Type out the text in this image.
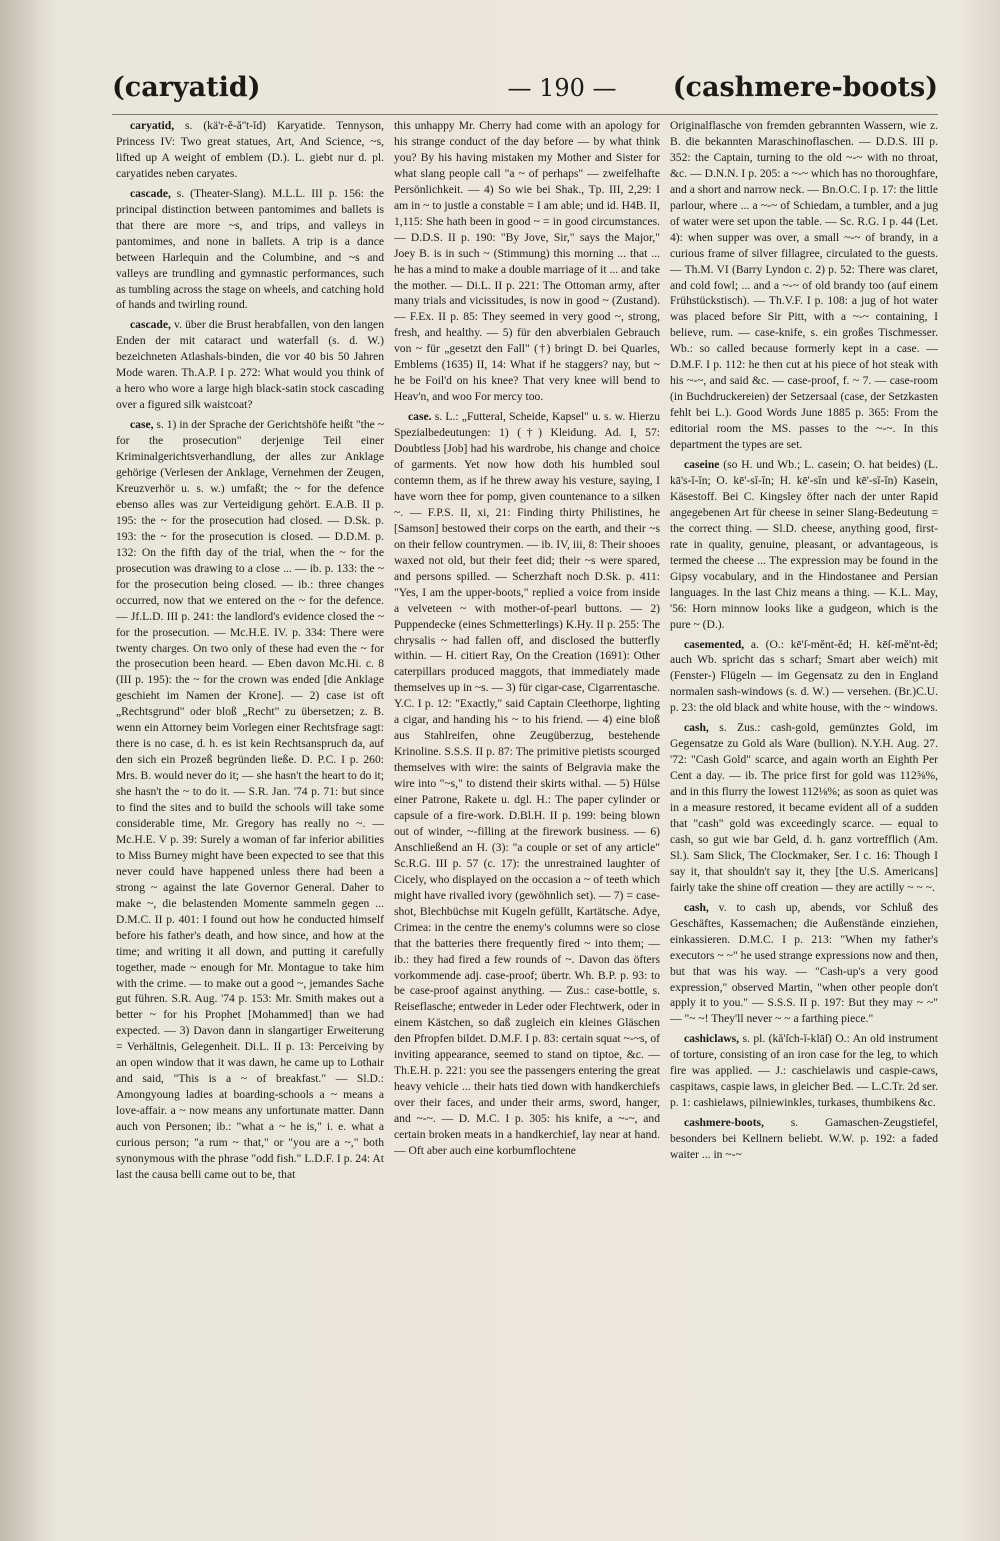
(caryatid)	— 190 —	(cashmere-boots)

caryatid, s. (kä'r-ĕ-ă''t-ĭd) Karyatide. Tennyson, Princess IV: Two great statues, Art, And Science, ~s, lifted up A weight of emblem (D.). L. giebt nur d. pl. caryatides neben caryates.

cascade, s. (Theater-Slang). M.L.L. III p. 156: the principal distinction between pantomimes and ballets is that there are more ~s, and trips, and valleys in pantomimes, and none in ballets. A trip is a dance between Harlequin and the Columbine, and ~s and valleys are trundling and gymnastic performances, such as tumbling across the stage on wheels, and catching hold of hands and twirling round.

cascade, v. über die Brust herabfallen, von den langen Enden der mit cataract und waterfall (s. d. W.) bezeichneten Atlashals-binden, die vor 40 bis 50 Jahren Mode waren. Th.A.P. I p. 272: What would you think of a hero who wore a large high black-satin stock cascading over a figured silk waistcoat?

case, s. 1) in der Sprache der Gerichtshöfe heißt "the ~ for the prosecution" derjenige Teil einer Kriminalgerichtsverhandlung, der alles zur Anklage gehörige (Verlesen der Anklage, Vernehmen der Zeugen, Kreuzverhör u. s. w.) umfaßt; the ~ for the defence ebenso alles was zur Verteidigung gehört. E.A.B. II p. 195: the ~ for the prosecution had closed. — D.Sk. p. 193: the ~ for the prosecution is closed. — D.D.M. p. 132: On the fifth day of the trial, when the ~ for the prosecution was drawing to a close ... — ib. p. 133: the ~ for the prosecution being closed. — ib.: three changes occurred, now that we entered on the ~ for the defence. — Jf.L.D. III p. 241: the landlord's evidence closed the ~ for the prosecution. — Mc.H.E. IV. p. 334: There were twenty charges. On two only of these had even the ~ for the prosecution been heard. — Eben davon Mc.Hi. c. 8 (III p. 195): the ~ for the crown was ended [die Anklage geschieht im Namen der Krone]. — 2) case ist oft „Rechtsgrund" oder bloß „Recht" zu übersetzen; z. B. wenn ein Attorney beim Vorlegen einer Rechtsfrage sagt: there is no case, d. h. es ist kein Rechtsanspruch da, auf den sich ein Prozeß begründen ließe. D. P.C. I p. 260: Mrs. B. would never do it; — she hasn't the heart to do it; she hasn't the ~ to do it. — S.R. Jan. '74 p. 71: but since to find the sites and to build the schools will take some considerable time, Mr. Gregory has really no ~. — Mc.H.E. V p. 39: Surely a woman of far inferior abilities to Miss Burney might have been expected to see that this never could have happened unless there had been a strong ~ against the late Governor General. Daher to make ~, die belastenden Momente sammeln gegen ... D.M.C. II p. 401: I found out how he conducted himself before his father's death, and how since, and how at the time; and writing it all down, and putting it carefully together, made ~ enough for Mr. Montague to take him with the crime. — to make out a good ~, jemandes Sache gut führen. S.R. Aug. '74 p. 153: Mr. Smith makes out a better ~ for his Prophet [Mohammed] than we had expected. — 3) Davon dann in slangartiger Erweiterung = Verhältnis, Gelegenheit. Di.L. II p. 13: Perceiving by an open window that it was dawn, he came up to Lothair and said, "This is a ~ of breakfast." — Sl.D.: Amongyoung ladies at boarding-schools a ~ means a love-affair. a ~ now means any unfortunate matter. Dann auch von Personen; ib.: "what a ~ he is," i. e. what a curious person; "a rum ~ that," or "you are a ~," both synonymous with the phrase "odd fish." L.D.F. I p. 24: At last the causa belli came out to be, that

this unhappy Mr. Cherry had come with an apology for his strange conduct of the day before — by what think you? By his having mistaken my Mother and Sister for what slang people call "a ~ of perhaps" — zweifelhafte Persönlichkeit. — 4) So wie bei Shak., Tp. III, 2,29: I am in ~ to justle a constable = I am able; und id. H4B. II, 1,115: She hath been in good ~ = in good circumstances. — D.D.S. II p. 190: "By Jove, Sir," says the Major," Joey B. is in such ~ (Stimmung) this morning ... that ... he has a mind to make a double marriage of it ... and take the mother. — Di.L. II p. 221: The Ottoman army, after many trials and vicissitudes, is now in good ~ (Zustand). — F.Ex. II p. 85: They seemed in very good ~, strong, fresh, and healthy. — 5) für den abverbialen Gebrauch von ~ für „gesetzt den Fall" (†) bringt D. bei Quarles, Emblems (1635) II, 14: What if he staggers? nay, but ~ he be Foil'd on his knee? That very knee will bend to Heav'n, and woo For mercy too.

case. s. L.: „Futteral, Scheide, Kapsel" u. s. w. Hierzu Spezialbedeutungen: 1) (†) Kleidung. Ad. I, 57: Doubtless [Job] had his wardrobe, his change and choice of garments. Yet now how doth his humbled soul contemn them, as if he threw away his vesture, saying, I have worn thee for pomp, given countenance to a silken ~. — F.P.S. II, xi, 21: Finding thirty Philistines, he [Samson] bestowed their corps on the earth, and their ~s on their fellow countrymen. — ib. IV, iii, 8: Their shooes waxed not old, but their feet did; their ~s were spared, and persons spilled. — Scherzhaft noch D.Sk. p. 411: "Yes, I am the upper-boots," replied a voice from inside a velveteen ~ with mother-of-pearl buttons. — 2) Puppendecke (eines Schmetterlings) K.Hy. II p. 255: The chrysalis ~ had fallen off, and disclosed the butterfly within. — H. citiert Ray, On the Creation (1691): Other caterpillars produced maggots, that immediately made themselves up in ~s. — 3) für cigar-case, Cigarrentasche. Y.C. I p. 12: "Exactly," said Captain Cleethorpe, lighting a cigar, and handing his ~ to his friend. — 4) eine bloß aus Stahlreifen, ohne Zeugüberzug, bestehende Krinoline. S.S.S. II p. 87: The primitive pietists scourged themselves with wire: the saints of Belgravia make the wire into "~s," to distend their skirts withal. — 5) Hülse einer Patrone, Rakete u. dgl. H.: The paper cylinder or capsule of a fire-work. D.Bl.H. II p. 199: being blown out of winder, ~-filling at the firework business. — 6) Anschließend an H. (3): "a couple or set of any article" Sc.R.G. III p. 57 (c. 17): the unrestrained laughter of Cicely, who displayed on the occasion a ~ of teeth which might have rivalled ivory (gewöhnlich set). — 7) = case-shot, Blechbüchse mit Kugeln gefüllt, Kartätsche. Adye, Crimea: in the centre the enemy's columns were so close that the batteries there frequently fired ~ into them; — ib.: they had fired a few rounds of ~. Davon das öfters vorkommende adj. case-proof; übertr. Wh. B.P. p. 93: to be case-proof against anything. — Zus.: case-bottle, s. Reiseflasche; entweder in Leder oder Flechtwerk, oder in einem Kästchen, so daß zugleich ein kleines Gläschen den Pfropfen bildet. D.M.F. I p. 83: certain squat ~-~s, of inviting appearance, seemed to stand on tiptoe, &c. — Th.E.H. p. 221: you see the passengers entering the great heavy vehicle ... their hats tied down with handkerchiefs over their faces, and under their arms, sword, hanger, and ~-~. — D. M.C. I p. 305: his knife, a ~-~, and certain broken meats in a handkerchief, lay near at hand. — Oft aber auch eine korbumflochtene

Originalflasche von fremden gebrannten Wassern, wie z. B. die bekannten Maraschinoflaschen. — D.D.S. III p. 352: the Captain, turning to the old ~-~ with no throat, &c. — D.N.N. I p. 205: a ~-~ which has no thoroughfare, and a short and narrow neck. — Bn.O.C. I p. 17: the little parlour, where ... a ~-~ of Schiedam, a tumbler, and a jug of water were set upon the table. — Sc. R.G. I p. 44 (Let. 4): when supper was over, a small ~-~ of brandy, in a curious frame of silver fillagree, circulated to the guests. — Th.M. VI (Barry Lyndon c. 2) p. 52: There was claret, and cold fowl; ... and a ~-~ of old brandy too (auf einem Frühstückstisch). — Th.V.F. I p. 108: a jug of hot water was placed before Sir Pitt, with a ~-~ containing, I believe, rum. — case-knife, s. ein großes Tischmesser. Wb.: so called because formerly kept in a case. — D.M.F. I p. 112: he then cut at his piece of hot steak with his ~-~, and said &c. — case-proof, f. ~ 7. — case-room (in Buchdruckereien) der Setzersaal (case, der Setzkasten fehlt bei L.). Good Words June 1885 p. 365: From the editorial room the MS. passes to the ~-~. In this department the types are set.

caseine (so H. und Wb.; L. casein; O. hat beides) (L. kā's-ĭ-ĭn; O. kē'-sĭ-ĭn; H. kē'-sĭn und kē'-sĭ-ĭn) Kasein, Käsestoff. Bei C. Kingsley öfter nach der unter Rapid angegebenen Art für cheese in seiner Slang-Bedeutung = the correct thing. — Sl.D. cheese, anything good, first-rate in quality, genuine, pleasant, or advantageous, is termed the cheese ... The expression may be found in the Gipsy vocabulary, and in the Hindostanee and Persian languages. In the last Chiz means a thing. — K.L. May, '56: Horn minnow looks like a gudgeon, which is the pure ~ (D.).

casemented, a. (O.: kē'ſ-mĕnt-ĕd; H. kēſ-mĕ'nt-ĕd; auch Wb. spricht das s scharf; Smart aber weich) mit (Fenster-) Flügeln — im Gegensatz zu den in England normalen sash-windows (s. d. W.) — versehen. (Br.)C.U. p. 23: the old black and white house, with the ~ windows.

cash, s. Zus.: cash-gold, gemünztes Gold, im Gegensatze zu Gold als Ware (bullion). N.Y.H. Aug. 27. '72: "Cash Gold" scarce, and again worth an Eighth Per Cent a day. — ib. The price first for gold was 112⅝%, and in this flurry the lowest 112⅛%; as soon as quiet was in a measure restored, it became evident all of a sudden that "cash" gold was exceedingly scarce. — equal to cash, so gut wie bar Geld, d. h. ganz vortrefflich (Am. Sl.). Sam Slick, The Clockmaker, Ser. I c. 16: Though I say it, that shouldn't say it, they [the U.S. Americans] fairly take the shine off creation — they are actilly ~ ~ ~.

cash, v. to cash up, abends, vor Schluß des Geschäftes, Kassemachen; die Außenstände einziehen, einkassieren. D.M.C. I p. 213: "When my father's executors ~ ~" he used strange expressions now and then, but that was his way. — "Cash-up's a very good expression," observed Martin, "when other people don't apply it to you." — S.S.S. II p. 197: But they may ~ ~" — "~ ~! They'll never ~ ~ a farthing piece."

cashiclaws, s. pl. (kă'ſch-ĭ-klāſ) O.: An old instrument of torture, consisting of an iron case for the leg, to which fire was applied. — J.: caschielawis und caspie-caws, caspitaws, caspie laws, in gleicher Bed. — L.C.Tr. 2d ser. p. 1: cashielaws, pilniewinkles, turkases, thumbikens &c.

cashmere-boots, s. Gamaschen-Zeugstiefel, besonders bei Kellnern beliebt. W.W. p. 192: a faded waiter ... in ~-~
